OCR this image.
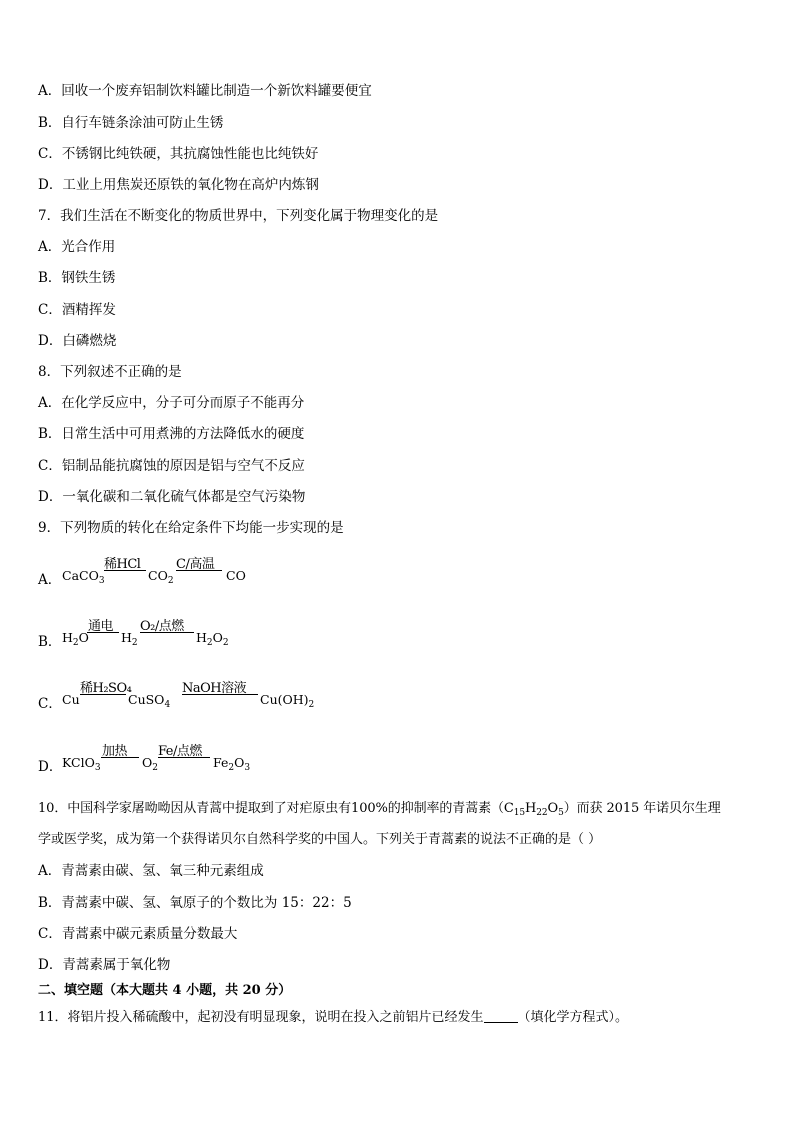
A．回收一个废弃铝制饮料罐比制造一个新饮料罐要便宜
B．自行车链条涂油可防止生锈
C．不锈钢比纯铁硬，其抗腐蚀性能也比纯铁好
D．工业上用焦炭还原铁的氧化物在高炉内炼钢
7．我们生活在不断变化的物质世界中，下列变化属于物理变化的是
A．光合作用
B．钢铁生锈
C．酒精挥发
D．白磷燃烧
8．下列叙述不正确的是
A．在化学反应中，分子可分而原子不能再分
B．日常生活中可用煮沸的方法降低水的硬度
C．铝制品能抗腐蚀的原因是铝与空气不反应
D．一氧化碳和二氧化硫气体都是空气污染物
9．下列物质的转化在给定条件下均能一步实现的是
A． CaCO$_3$
稀HCl
$CO_2$
C/高温
CO
B． $H_2O$
通电
$H_2$
O₂/点燃
$H_2O_2$
C． Cu
稀H₂SO₄
CuSO$_4$
NaOH溶液
$Cu(OH)_2$
D． KClO$_3$
加热
$O_2$
Fe/点燃
$Fe_2O_3$
10．中国科学家屠呦呦因从青蒿中提取到了对疟原虫有100%的抑制率的青蒿素$(C_{15}H_{22}O_5)$而获 2015 年诺贝尔生理
学或医学奖，成为第一个获得诺贝尔自然科学奖的中国人。下列关于青蒿素的说法不正确的是（ ）
A．青蒿素由碳、氢、氧三种元素组成
B．青蒿素中碳、氢、氧原子的个数比为 15：22：5
C．青蒿素中碳元素质量分数最大
D．青蒿素属于氧化物
二、填空题（本大题共 4 小题，共 20 分）
11．将铝片投入稀硫酸中，起初没有明显现象，说明在投入之前铝片已经发生	（填化学方程式）。
